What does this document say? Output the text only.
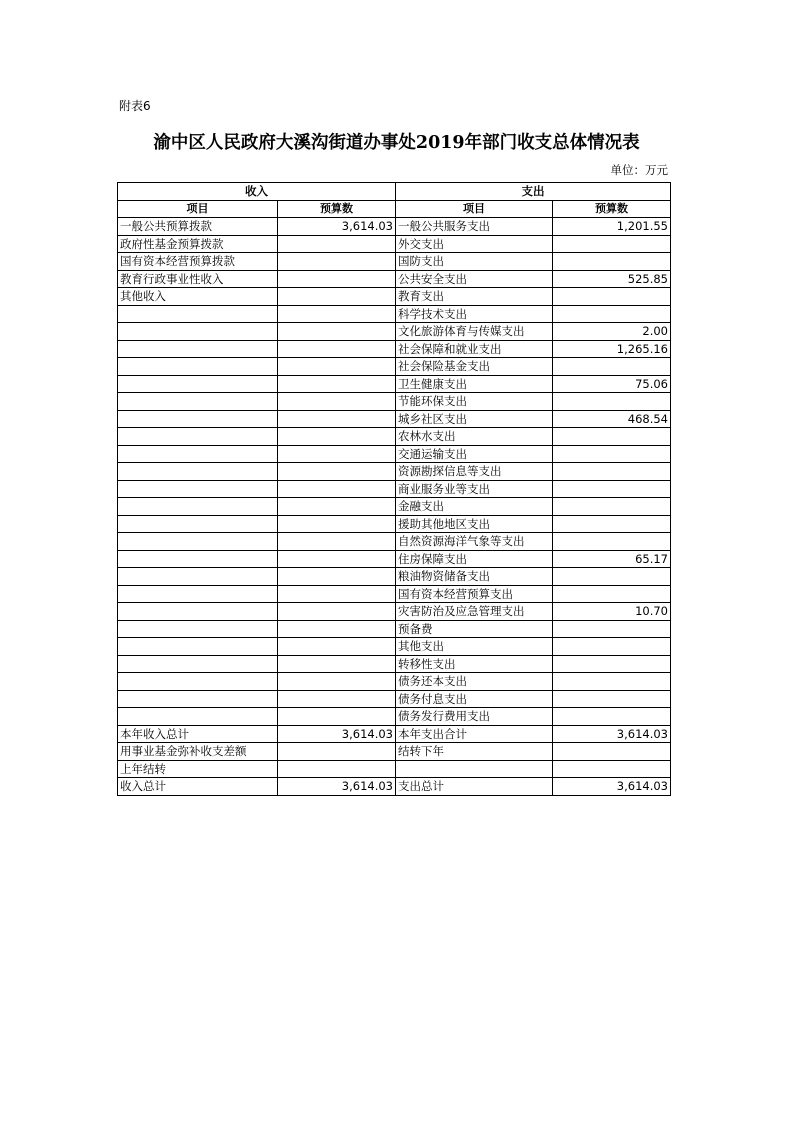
附表6
渝中区人民政府大溪沟街道办事处2019年部门收支总体情况表
单位：万元
收入		支出	
项目	预算数	项目	预算数
一般公共预算拨款	3,614.03	一般公共服务支出	1,201.55
政府性基金预算拨款		外交支出	
国有资本经营预算拨款		国防支出	
教育行政事业性收入		公共安全支出	525.85
其他收入		教育支出	
		科学技术支出	
		文化旅游体育与传媒支出	2.00
		社会保障和就业支出	1,265.16
		社会保险基金支出	
		卫生健康支出	75.06
		节能环保支出	
		城乡社区支出	468.54
		农林水支出	
		交通运输支出	
		资源勘探信息等支出	
		商业服务业等支出	
		金融支出	
		援助其他地区支出	
		自然资源海洋气象等支出	
		住房保障支出	65.17
		粮油物资储备支出	
		国有资本经营预算支出	
		灾害防治及应急管理支出	10.70
		预备费	
		其他支出	
		转移性支出	
		债务还本支出	
		债务付息支出	
		债务发行费用支出	
本年收入总计	3,614.03	本年支出合计	3,614.03
用事业基金弥补收支差额		结转下年	
上年结转			
收入总计	3,614.03	支出总计	3,614.03
